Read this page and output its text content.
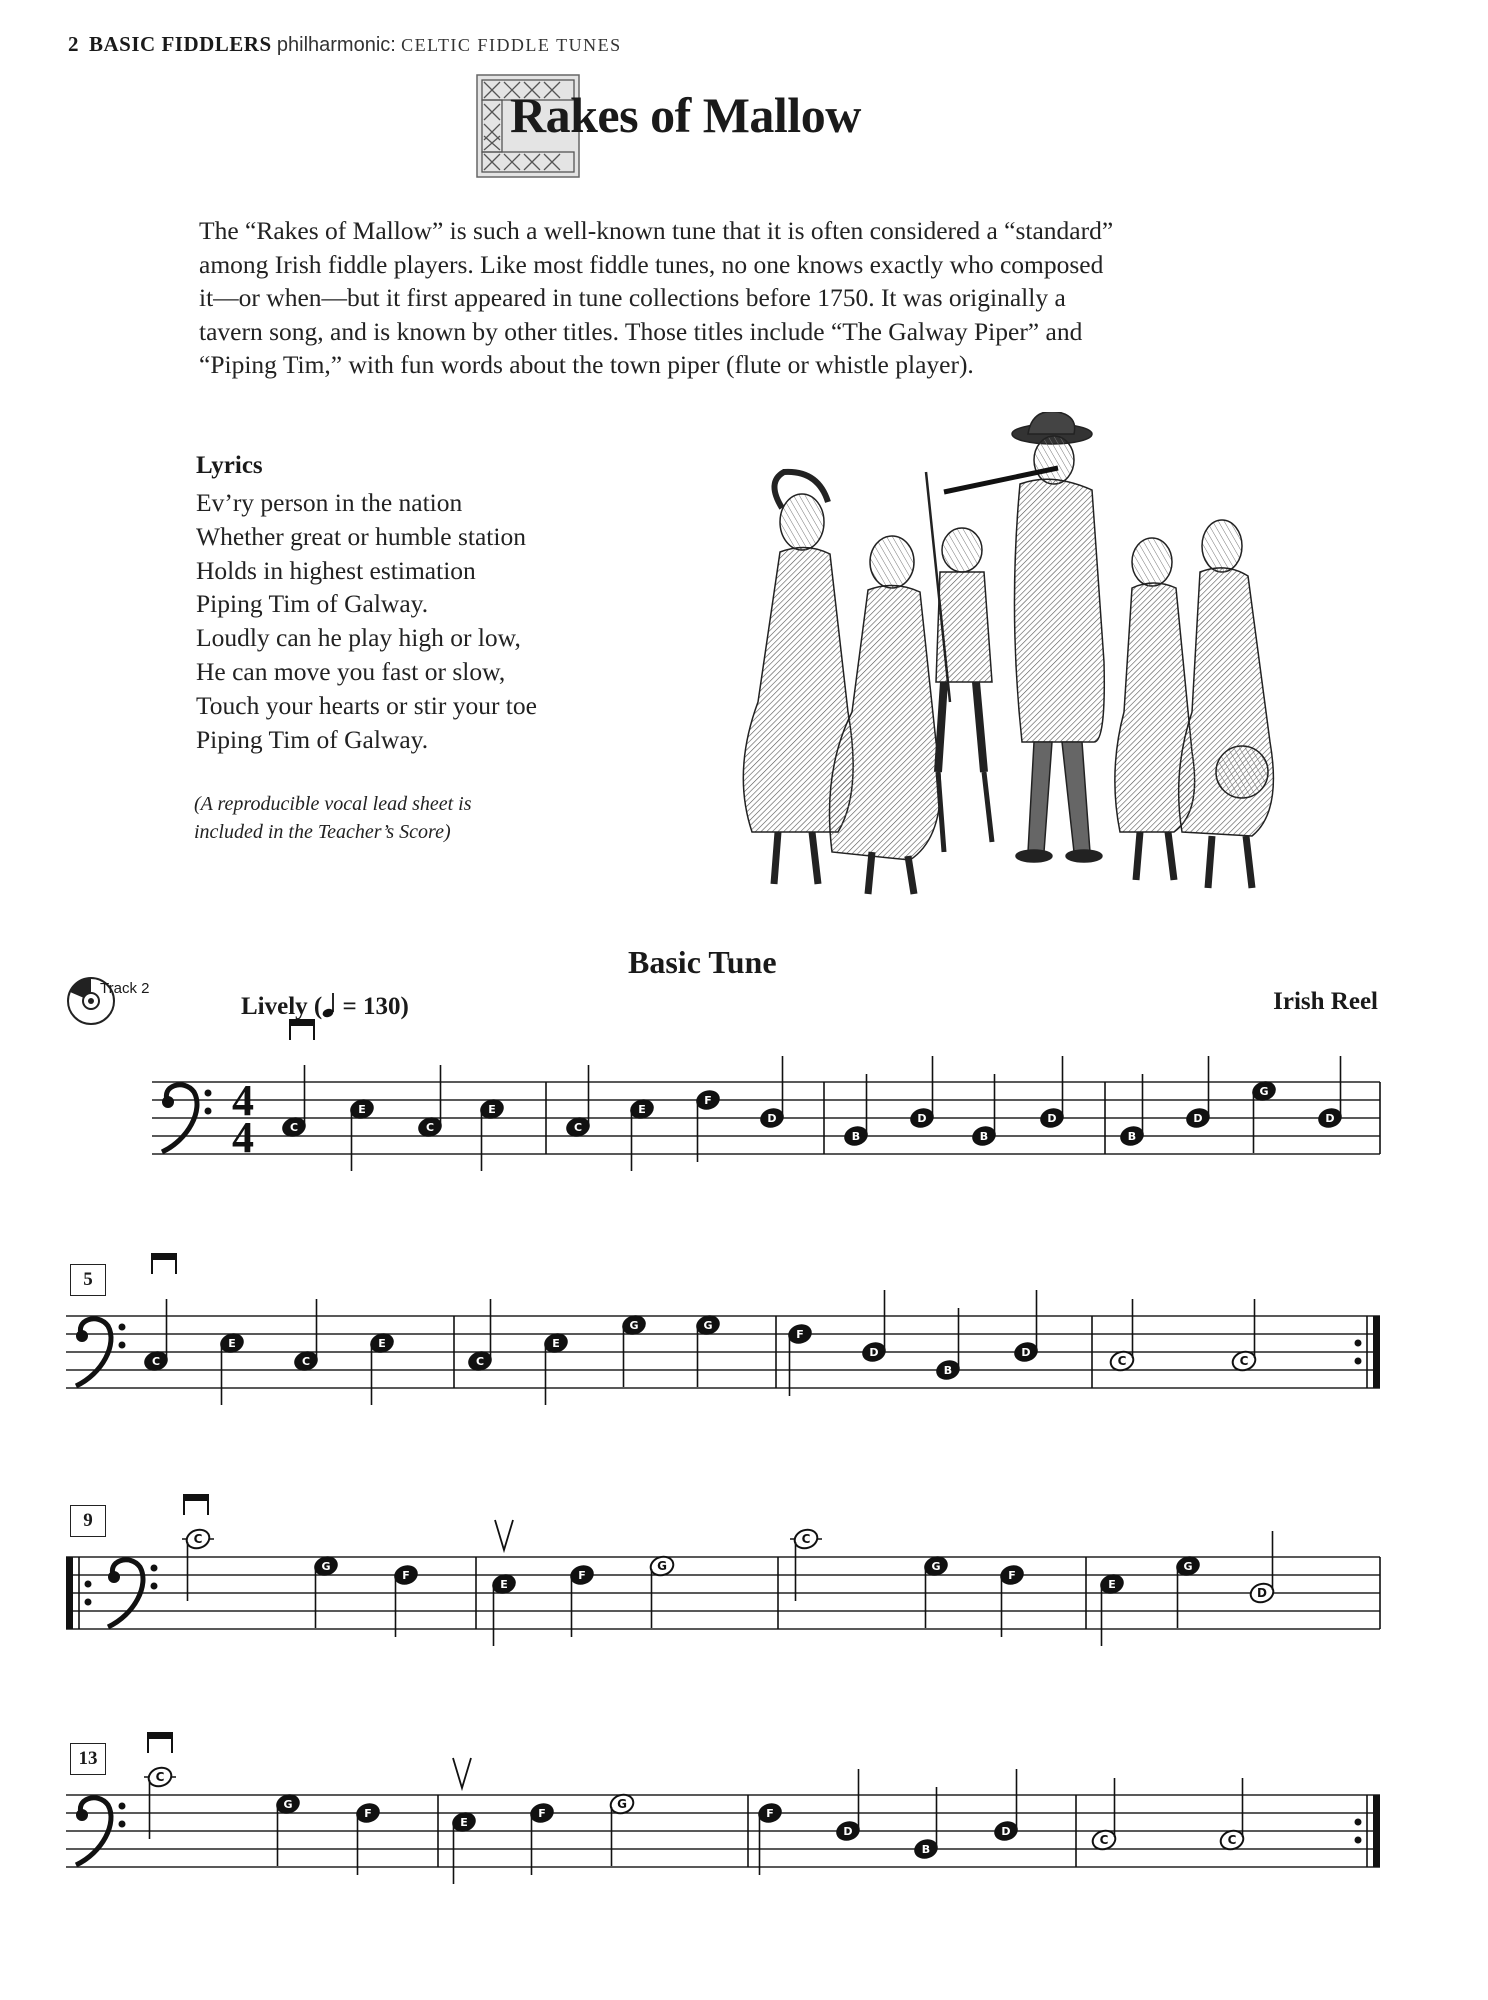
2 BASIC FIDDLERS philharmonic: CELTIC FIDDLE TUNES
Rakes of Mallow

The “Rakes of Mallow” is such a well-known tune that it is often considered a “standard”

among Irish fiddle players. Like most fiddle tunes, no one knows exactly who composed

it—or when—but it first appeared in tune collections before 1750. It was originally a

tavern song, and is known by other titles. Those titles include “The Galway Piper” and

“Piping Tim,” with fun words about the town piper (flute or whistle player).

Lyrics
Ev’ry person in the nation
Whether great or humble station
Holds in highest estimation
Piping Tim of Galway.
Loudly can he play high or low,
He can move you fast or slow,
Touch your hearts or stir your toe
Piping Tim of Galway.
(A reproducible vocal lead sheet is
included in the Teacher’s Score)
Basic Tune
Track 2
Lively ( = 130)	Irish Reel
5
9
13
4
4	C
E
C
E
C
E
F
D
B
D
B
D
B
D
G
D
C
E
C
E
C
E
G	G
F
D
B
D
C	C
C
G
F
E
F
G
C
G
F
E
G
D
C
G
F
E
F
G
F
D
B
D
C	C
